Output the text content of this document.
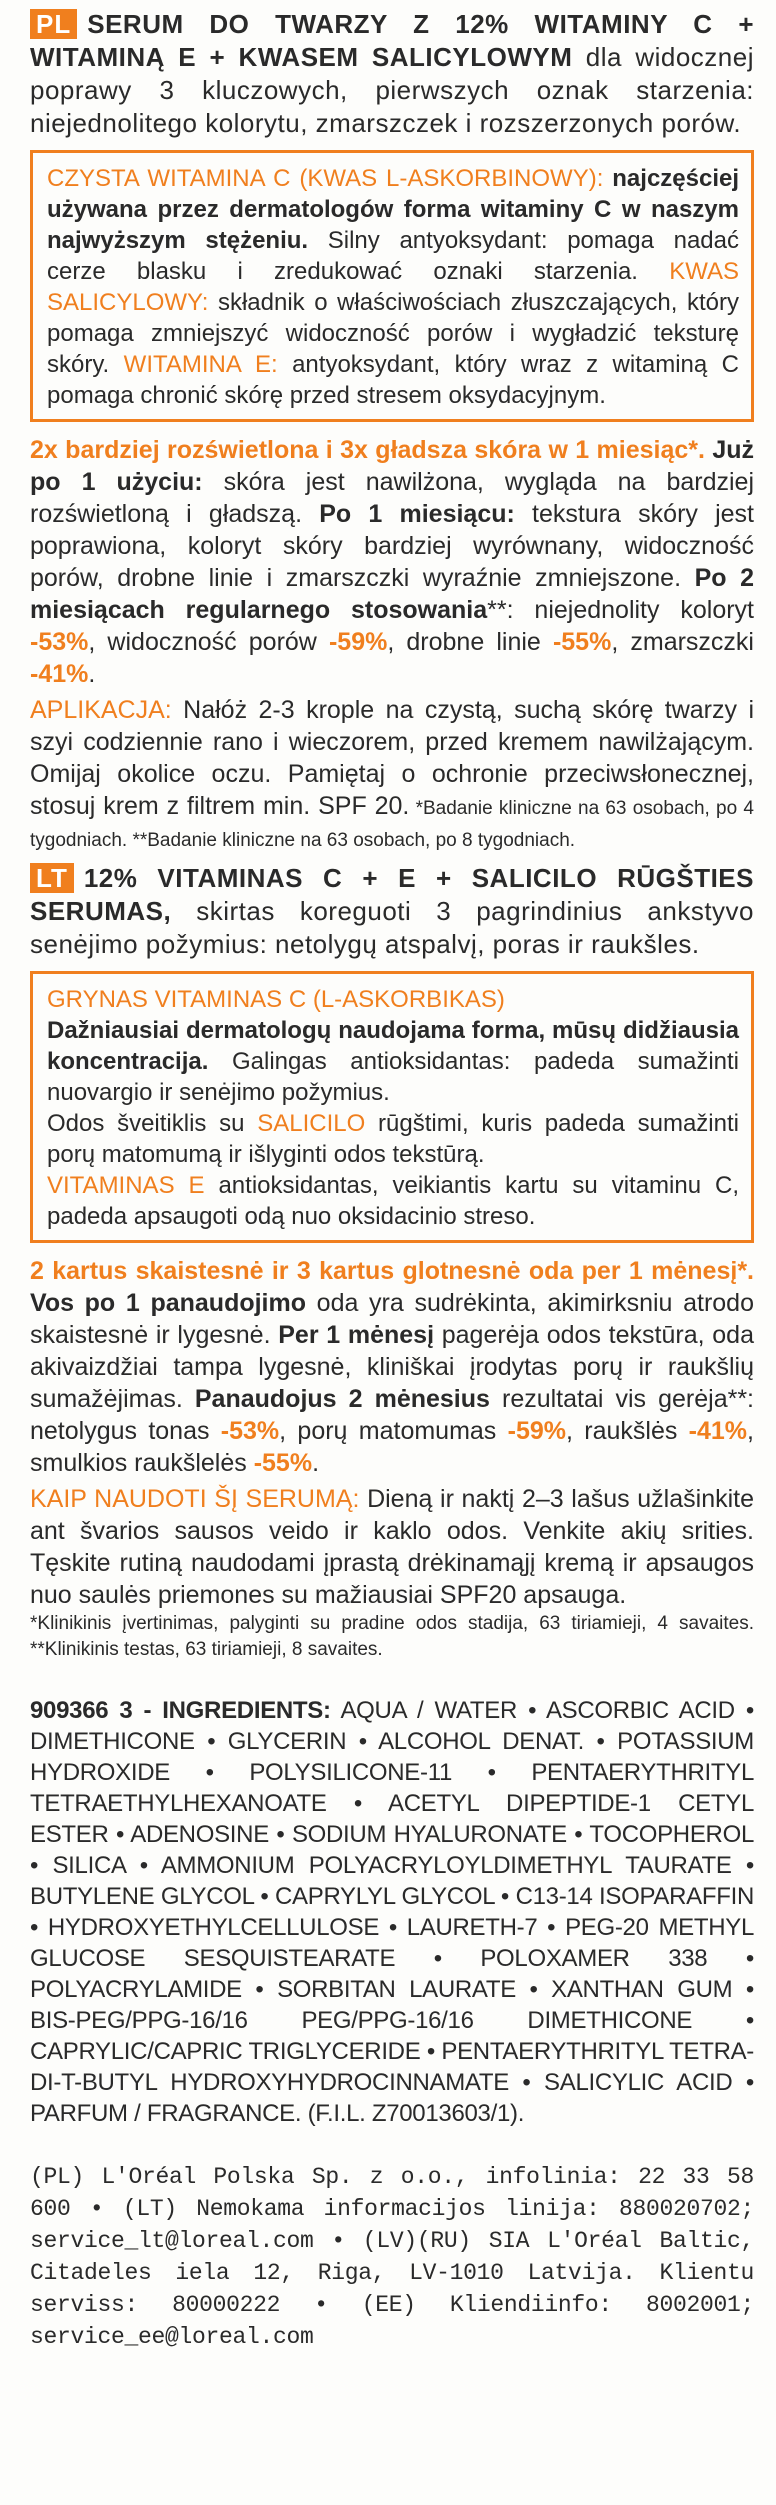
PL SERUM DO TWARZY Z 12% WITAMINY C + WITAMINĄ E + KWASEM SALICYLOWYM dla widocznej poprawy 3 kluczowych, pierwszych oznak starzenia: niejednolitego kolorytu, zmarszczek i rozszerzonych porów.

CZYSTA WITAMINA C (KWAS L-ASKORBINOWY): najczęściej używana przez dermatologów forma witaminy C w naszym najwyższym stężeniu. Silny antyoksydant: pomaga nadać cerze blasku i zredukować oznaki starzenia. KWAS SALICYLOWY: składnik o właściwościach złuszczających, który pomaga zmniejszyć widoczność porów i wygładzić teksturę skóry. WITAMINA E: antyoksydant, który wraz z witaminą C pomaga chronić skórę przed stresem oksydacyjnym.

2x bardziej rozświetlona i 3x gładsza skóra w 1 miesiąc*. Już po 1 użyciu: skóra jest nawilżona, wygląda na bardziej rozświetloną i gładszą. Po 1 miesiącu: tekstura skóry jest poprawiona, koloryt skóry bardziej wyrównany, widoczność porów, drobne linie i zmarszczki wyraźnie zmniejszone. Po 2 miesiącach regularnego stosowania**: niejednolity koloryt -53%, widoczność porów -59%, drobne linie -55%, zmarszczki -41%.

APLIKACJA: Nałóż 2-3 krople na czystą, suchą skórę twarzy i szyi codziennie rano i wieczorem, przed kremem nawilżającym. Omijaj okolice oczu. Pamiętaj o ochronie przeciwsłonecznej, stosuj krem z filtrem min. SPF 20. *Badanie kliniczne na 63 osobach, po 4 tygodniach. **Badanie kliniczne na 63 osobach, po 8 tygodniach.

LT 12% VITAMINAS C + E + SALICILO RŪGŠTIES SERUMAS, skirtas koreguoti 3 pagrindinius ankstyvo senėjimo požymius: netolygų atspalvį, poras ir raukšles.

GRYNAS VITAMINAS C (L-ASKORBIKAS)
Dažniausiai dermatologų naudojama forma, mūsų didžiausia koncentracija. Galingas antioksidantas: padeda sumažinti nuovargio ir senėjimo požymius.
Odos šveitiklis su SALICILO rūgštimi, kuris padeda sumažinti porų matomumą ir išlyginti odos tekstūrą.
VITAMINAS E antioksidantas, veikiantis kartu su vitaminu C, padeda apsaugoti odą nuo oksidacinio streso.

2 kartus skaistesnė ir 3 kartus glotnesnė oda per 1 mėnesį*. Vos po 1 panaudojimo oda yra sudrėkinta, akimirksniu atrodo skaistesnė ir lygesnė. Per 1 mėnesį pagerėja odos tekstūra, oda akivaizdžiai tampa lygesnė, kliniškai įrodytas porų ir raukšlių sumažėjimas. Panaudojus 2 mėnesius rezultatai vis gerėja**: netolygus tonas -53%, porų matomumas -59%, raukšlės -41%, smulkios raukšlelės -55%.

KAIP NAUDOTI ŠĮ SERUMĄ: Dieną ir naktį 2–3 lašus užlašinkite ant švarios sausos veido ir kaklo odos. Venkite akių srities. Tęskite rutiną naudodami įprastą drėkinamąjį kremą ir apsaugos nuo saulės priemones su mažiausiai SPF20 apsauga.

*Klinikinis įvertinimas, palyginti su pradine odos stadija, 63 tiriamieji, 4 savaites. **Klinikinis testas, 63 tiriamieji, 8 savaites.

909366 3 - INGREDIENTS: AQUA / WATER • ASCORBIC ACID • DIMETHICONE • GLYCERIN • ALCOHOL DENAT. • POTASSIUM HYDROXIDE • POLYSILICONE-11 • PENTAERYTHRITYL TETRAETHYLHEXANOATE • ACETYL DIPEPTIDE-1 CETYL ESTER • ADENOSINE • SODIUM HYALURONATE • TOCOPHEROL • SILICA • AMMONIUM POLYACRYLOYLDIMETHYL TAURATE • BUTYLENE GLYCOL • CAPRYLYL GLYCOL • C13-14 ISOPARAFFIN • HYDROXYETHYLCELLULOSE • LAURETH-7 • PEG-20 METHYL GLUCOSE SESQUISTEARATE • POLOXAMER 338 • POLYACRYLAMIDE • SORBITAN LAURATE • XANTHAN GUM • BIS-PEG/PPG-16/16 PEG/PPG-16/16 DIMETHICONE • CAPRYLIC/CAPRIC TRIGLYCERIDE • PENTAERYTHRITYL TETRA-DI-T-BUTYL HYDROXYHYDROCINNAMATE • SALICYLIC ACID • PARFUM / FRAGRANCE. (F.I.L. Z70013603/1).

(PL) L'Oréal Polska Sp. z o.o., infolinia: 22 33 58 600 • (LT) Nemokama informacijos linija: 880020702; service_lt@loreal.com • (LV)(RU) SIA L'Oréal Baltic, Citadeles iela 12, Riga, LV-1010 Latvija. Klientu serviss: 80000222 • (EE) Kliendiinfo: 8002001; service_ee@loreal.com
